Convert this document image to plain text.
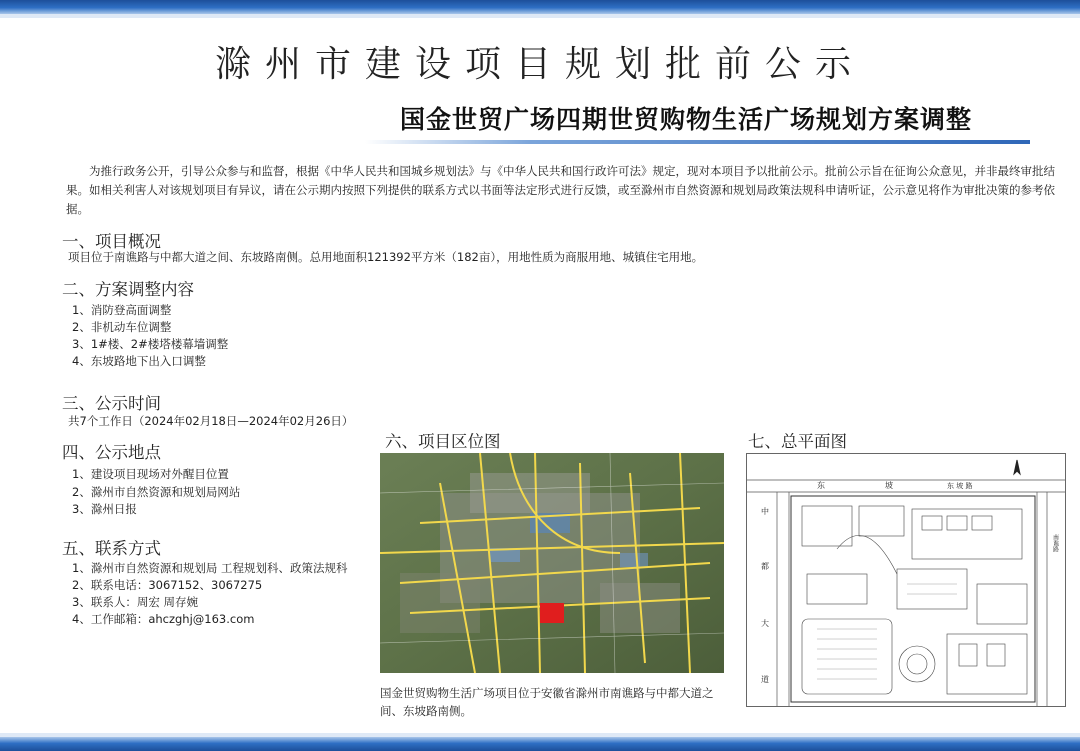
滁州市建设项目规划批前公示
国金世贸广场四期世贸购物生活广场规划方案调整

为推行政务公开，引导公众参与和监督，根据《中华人民共和国城乡规划法》与《中华人民共和国行政许可法》规定，现对本项目予以批前公示。批前公示旨在征询公众意见，并非最终审批结果。如相关利害人对该规划项目有异议，请在公示期内按照下列提供的联系方式以书面等法定形式进行反馈，或至滁州市自然资源和规划局政策法规科申请听证，公示意见将作为审批决策的参考依据。

一、项目概况
项目位于南谯路与中都大道之间、东坡路南侧。总用地面积121392平方米（182亩），用地性质为商服用地、城镇住宅用地。
二、方案调整内容
1、消防登高面调整
2、非机动车位调整
3、1#楼、2#楼塔楼幕墙调整
4、东坡路地下出入口调整
三、公示时间
共7个工作日（2024年02月18日—2024年02月26日）
四、公示地点
1、建设项目现场对外醒目位置
2、滁州市自然资源和规划局网站
3、滁州日报
五、联系方式
1、滁州市自然资源和规划局 工程规划科、政策法规科
2、联系电话：3067152、3067275
3、联系人：周宏 周存婉
4、工作邮箱：ahczghj@163.com
六、项目区位图

国金世贸购物生活广场项目位于安徽省滁州市南谯路与中都大道之间、东坡路南侧。

七、总平面图
东	坡	东 坡 路
中
都
大
道
南谯路
